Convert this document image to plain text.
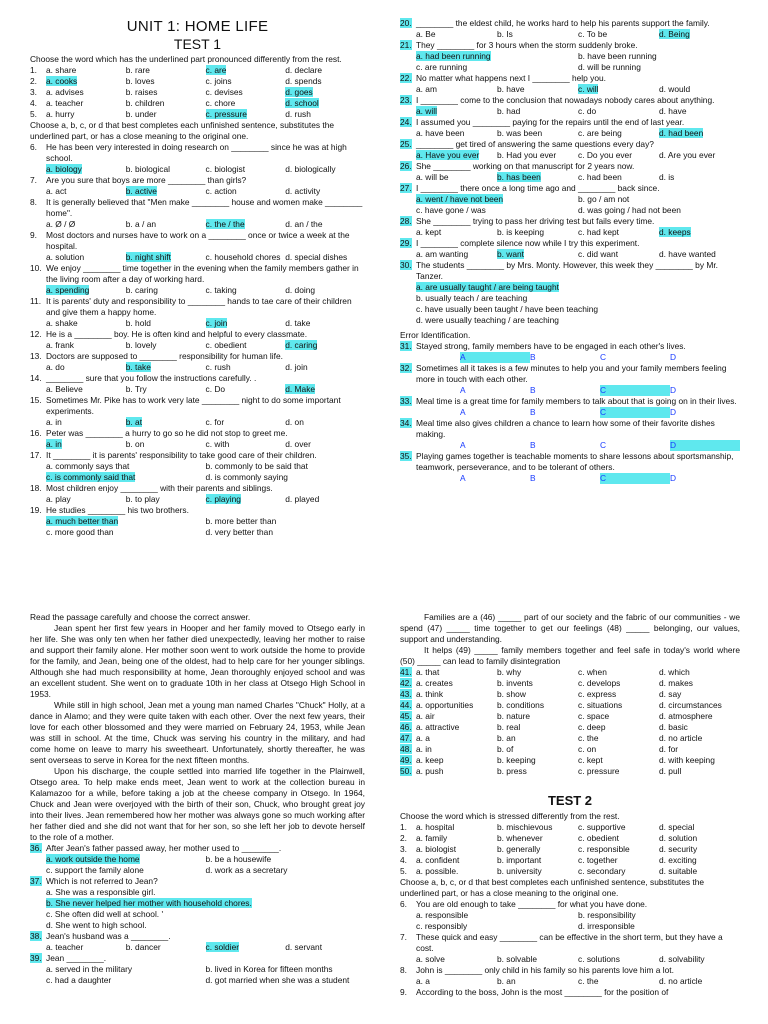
UNIT 1: HOME LIFE
TEST 1

Choose the word which has the underlined part pronounced differently from the rest.

1.	a. share	b. rare	c. are	d. declare
2.	a. cooks	b. loves	c. joins	d. spends
3.	a. advises	b. raises	c. devises	d. goes
4.	a. teacher	b. children	c. chore	d. school
5.	a. hurry	b. under	c. pressure	d. rush

Choose a, b, c, or d that best completes each unfinished sentence, substitutes the underlined part, or has a close meaning to the original one.

6.	He has been very interested in doing research on ________ since he was at high school.
a. biology	b. biological	c. biologist	d. biologically
7.	Are you sure that boys are more ________ than girls?
a. act	b. active	c. action	d. activity
8.	It is generally believed that "Men make ________ house and women make ________ home".
a. Ø / Ø	b. a / an	c. the / the	d. an / the
9.	Most doctors and nurses have to work on a ________ once or twice a week at the hospital.
a. solution	b. night shift	c. household chores d. special dishes
10. We enjoy ________ time together in the evening when the family members gather in the living room after a day of working hard.
a. spending	b. caring	c. taking	d. doing
11. It is parents' duty and responsibility to ________ hands to tae care of their children and give them a happy home.
a. shake	b. hold	c. join	d. take
12. He is a ________ boy. He is often kind and helpful to every classmate.
a. frank	b. lovely	c. obedient	d. caring
13. Doctors are supposed to ________ responsibility for human life.
a. do	b. take	c. rush	d. join
14. ________ sure that you follow the instructions carefully. .
a. Believe	b. Try	c. Do	d. Make
15. Sometimes Mr. Pike has to work very late ________ night to do some important experiments.
a. in	b. at	c. for	d. on
16. Peter was ________ a hurry to go so he did not stop to greet me.
a. in	b. on	c. with	d. over
17. It ________ it is parents' responsibility to take good care of their children.
a. commonly says that	b. commonly to be said that
c. is commonly said that	d. is commonly saying
18. Most children enjoy ________ with their parents and siblings.
a. play	b. to play	c. playing	d. played
19. He studies ________ his two brothers.
a. much better than	b. more better than
c. more good than	d. very better than
20. ________ the eldest child, he works hard to help his parents support the family.
a. Be	b. Is	c. To be	d. Being
21. They ________ for 3 hours when the storm suddenly broke.
a. had been running	b. have been running
c. are running	d. will be running
22. No matter what happens next I ________ help you.
a. am	b. have	c. will	d. would
23. I ________ come to the conclusion that nowadays nobody cares about anything.
a. will	b. had	c. do	d. have
24. I assumed you ________ paying for the repairs until the end of last year.
a. have been	b. was been	c. are being	d. had been
25. ________ get tired of answering the same questions every day?
a. Have you ever	b. Had you ever	c. Do you ever	d. Are you ever
26. She ________ working on that manuscript for 2 years now.
a. will be	b. has been	c. had been	d. is
27. I ________ there once a long time ago and ________ back since.
a. went / have not been	b. go / am not
c. have gone / was	d. was going / had not been
28. She ________ trying to pass her driving test but fails every time.
a. kept	b. is keeping	c. had kept	d. keeps
29. I ________ complete silence now while I try this experiment.
a. am wanting	b. want	c. did want	d. have wanted
30. The students ________ by Mrs. Monty. However, this week they ________ by Mr. Tanzer.
a. are usually taught / are being taught
b. usually teach / are teaching
c. have usually been taught / have been teaching
d. were usually teaching / are teaching
Error Identification.
31. Stayed strong, family members have to be engaged in each other's lives.
A	B	C	D
32. Sometimes all it takes is a few minutes to help you and your family members feeling more in touch with each other.
A	B	C	D
33. Meal time is a great time for family members to talk about that is going on in their lives.
A	B	C	D
34. Meal time also gives children a chance to learn how some of their favorite dishes making.
A	B	C	D
35. Playing games together is teachable moments to share lessons about sportsmanship, teamwork, perseverance, and to be tolerant of others.
A	B	C	D

Read the passage carefully and choose the correct answer.

Jean spent her first few years in Hooper and her family moved to Otsego early in her life. She was only ten when her father died unexpectedly, leaving her mother to raise and support their family alone. Her mother soon went to work outside the home to provide for the family, and Jean, being one of the oldest, had to help care for her younger siblings. Although she had much responsibility at home, Jean thoroughly enjoyed school and was an excellent student. She went on to graduate 10th in her class at Otsego High School in 1953.

While still in high school, Jean met a young man named Charles "Chuck" Holly, at a dance in Alamo; and they were quite taken with each other. Over the next few years, their love for each other blossomed and they were married on February 24, 1953, while Jean was still in school. At the time, Chuck was serving his country in the military, and had come home on leave to marry his sweetheart. Unfortunately, shortly thereafter, he was sent overseas to serve in Korea for the next fifteen months.

Upon his discharge, the couple settled into married life together in the Plainwell, Otsego area. To help make ends meet, Jean went to work at the collection bureau in Kalamazoo for a while, before taking a job at the cheese company in Otsego. In 1964, Chuck and Jean were overjoyed with the birth of their son, Chuck, who brought great joy into their lives. Jean remembered how her mother was always gone so much working after her father died and she did not want that for her son, so she left her job to devote herself to the role of a mother.

36. After Jean's father passed away, her mother used to ________.
a. work outside the home	b. be a housewife
c. support the family alone	d. work as a secretary
37. Which is not referred to Jean?
a. She was a responsible girl.
b. She never helped her mother with household chores.
c. She often did well at school. '
d. She went to high school.
38. Jean's husband was a ________.
a. teacher	b. dancer	c. soldier	d. servant
39. Jean ________.
a. served in the military	b. lived in Korea for fifteen months
c. had a daughter	d. got married when she was a student

Families are a (46) _____ part of our society and the fabric of our communities - we spend (47) _____ time together to get our feelings (48) _____ belonging, our values, support and understanding.

It helps (49) _____ family members together and feel safe in today's world where (50) _____ can lead to family disintegration

41. a. that	b. why	c. when	d. which
42. a. creates	b. invents	c. develops	d. makes
43. a. think	b. show	c. express	d. say
44. a. opportunities	b. conditions	c. situations	d. circumstances
45. a. air	b. nature	c. space	d. atmosphere
46. a. attractive	b. real	c. deep	d. basic
47. a. a	b. an	c. the	d. no article
48. a. in	b. of	c. on	d. for
49. a. keep	b. keeping	c. kept	d. with keeping
50. a. push	b. press	c. pressure	d. pull
TEST 2

Choose the word which is stressed differently from the rest.

1.	a. hospital	b. mischievous	c. supportive	d. special
2.	a. family	b. whenever	c. obedient	d. solution
3.	a. biologist	b. generally	c. responsible	d. security
4.	a. confident	b. important	c. together	d. exciting
5.	a. possible.	b. university	c. secondary	d. suitable

Choose a, b, c, or d that best completes each unfinished sentence, substitutes the underlined part, or has a close meaning to the original one.

6.	You are old enough to take ________ for what you have done.
a. responsible	b. responsibility
c. responsibly	d. irresponsible
7.	These quick and easy ________ can be effective in the short term, but they have a cost.
a. solve	b. solvable	c. solutions	d. solvability
8.	John is ________ only child in his family so his parents love him a lot.
a. a	b. an	c. the	d. no article
9.	According to the boss, John is the most ________ for the position of
